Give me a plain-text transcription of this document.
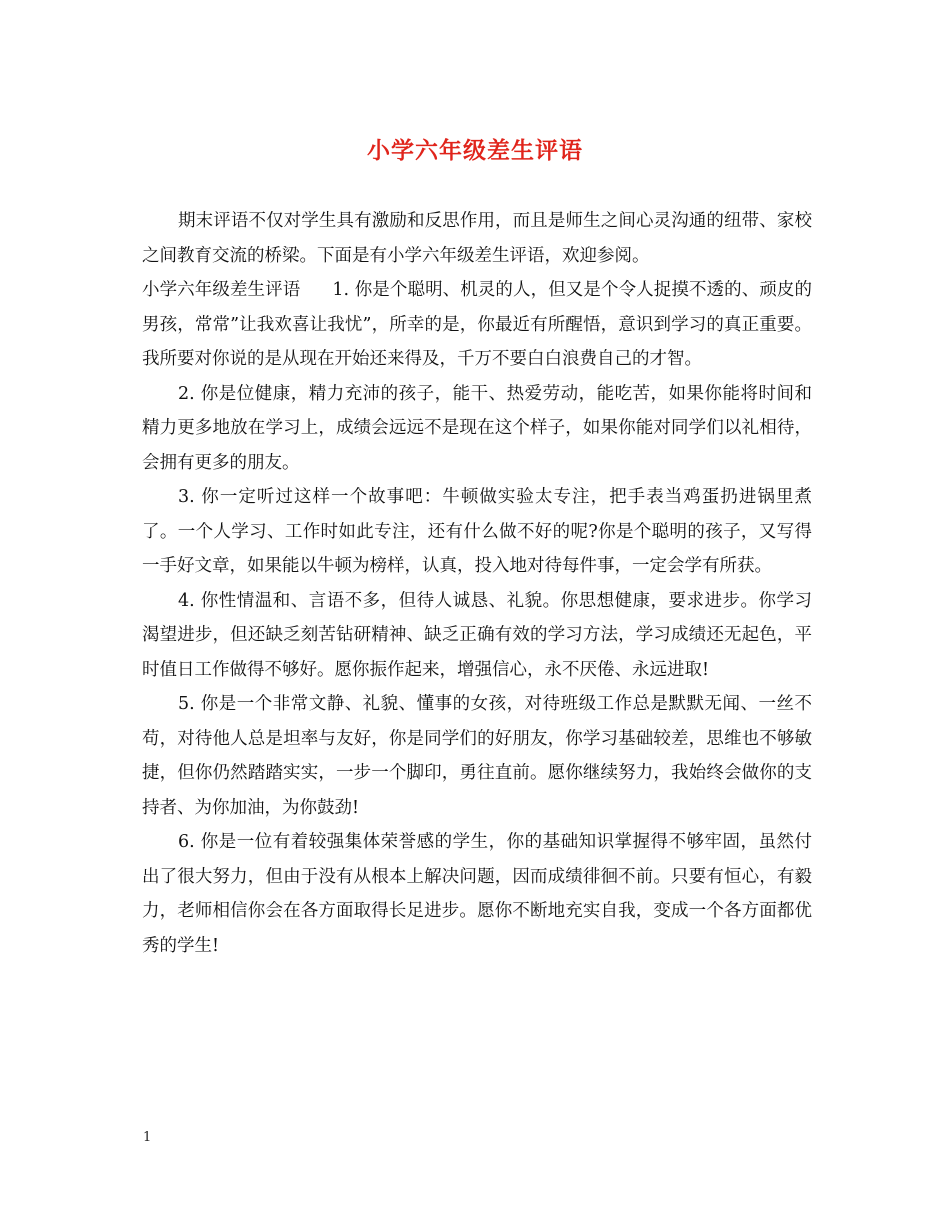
小学六年级差生评语

期末评语不仅对学生具有激励和反思作用，而且是师生之间心灵沟通的纽带、家校之间教育交流的桥梁。下面是有小学六年级差生评语，欢迎参阅。

小学六年级差生评语 1. 你是个聪明、机灵的人，但又是个令人捉摸不透的、顽皮的男孩，常常”让我欢喜让我忧”，所幸的是，你最近有所醒悟，意识到学习的真正重要。我所要对你说的是从现在开始还来得及，千万不要白白浪费自己的才智。

2. 你是位健康，精力充沛的孩子，能干、热爱劳动，能吃苦，如果你能将时间和精力更多地放在学习上，成绩会远远不是现在这个样子，如果你能对同学们以礼相待，会拥有更多的朋友。

3. 你一定听过这样一个故事吧：牛顿做实验太专注，把手表当鸡蛋扔进锅里煮了。一个人学习、工作时如此专注，还有什么做不好的呢?你是个聪明的孩子，又写得一手好文章，如果能以牛顿为榜样，认真，投入地对待每件事，一定会学有所获。

4. 你性情温和、言语不多，但待人诚恳、礼貌。你思想健康，要求进步。你学习渴望进步，但还缺乏刻苦钻研精神、缺乏正确有效的学习方法，学习成绩还无起色，平时值日工作做得不够好。愿你振作起来，增强信心，永不厌倦、永远进取!

5. 你是一个非常文静、礼貌、懂事的女孩，对待班级工作总是默默无闻、一丝不苟，对待他人总是坦率与友好，你是同学们的好朋友，你学习基础较差，思维也不够敏捷，但你仍然踏踏实实，一步一个脚印，勇往直前。愿你继续努力，我始终会做你的支持者、为你加油，为你鼓劲!

6. 你是一位有着较强集体荣誉感的学生，你的基础知识掌握得不够牢固，虽然付出了很大努力，但由于没有从根本上解决问题，因而成绩徘徊不前。只要有恒心，有毅力，老师相信你会在各方面取得长足进步。愿你不断地充实自我，变成一个各方面都优秀的学生!

1
